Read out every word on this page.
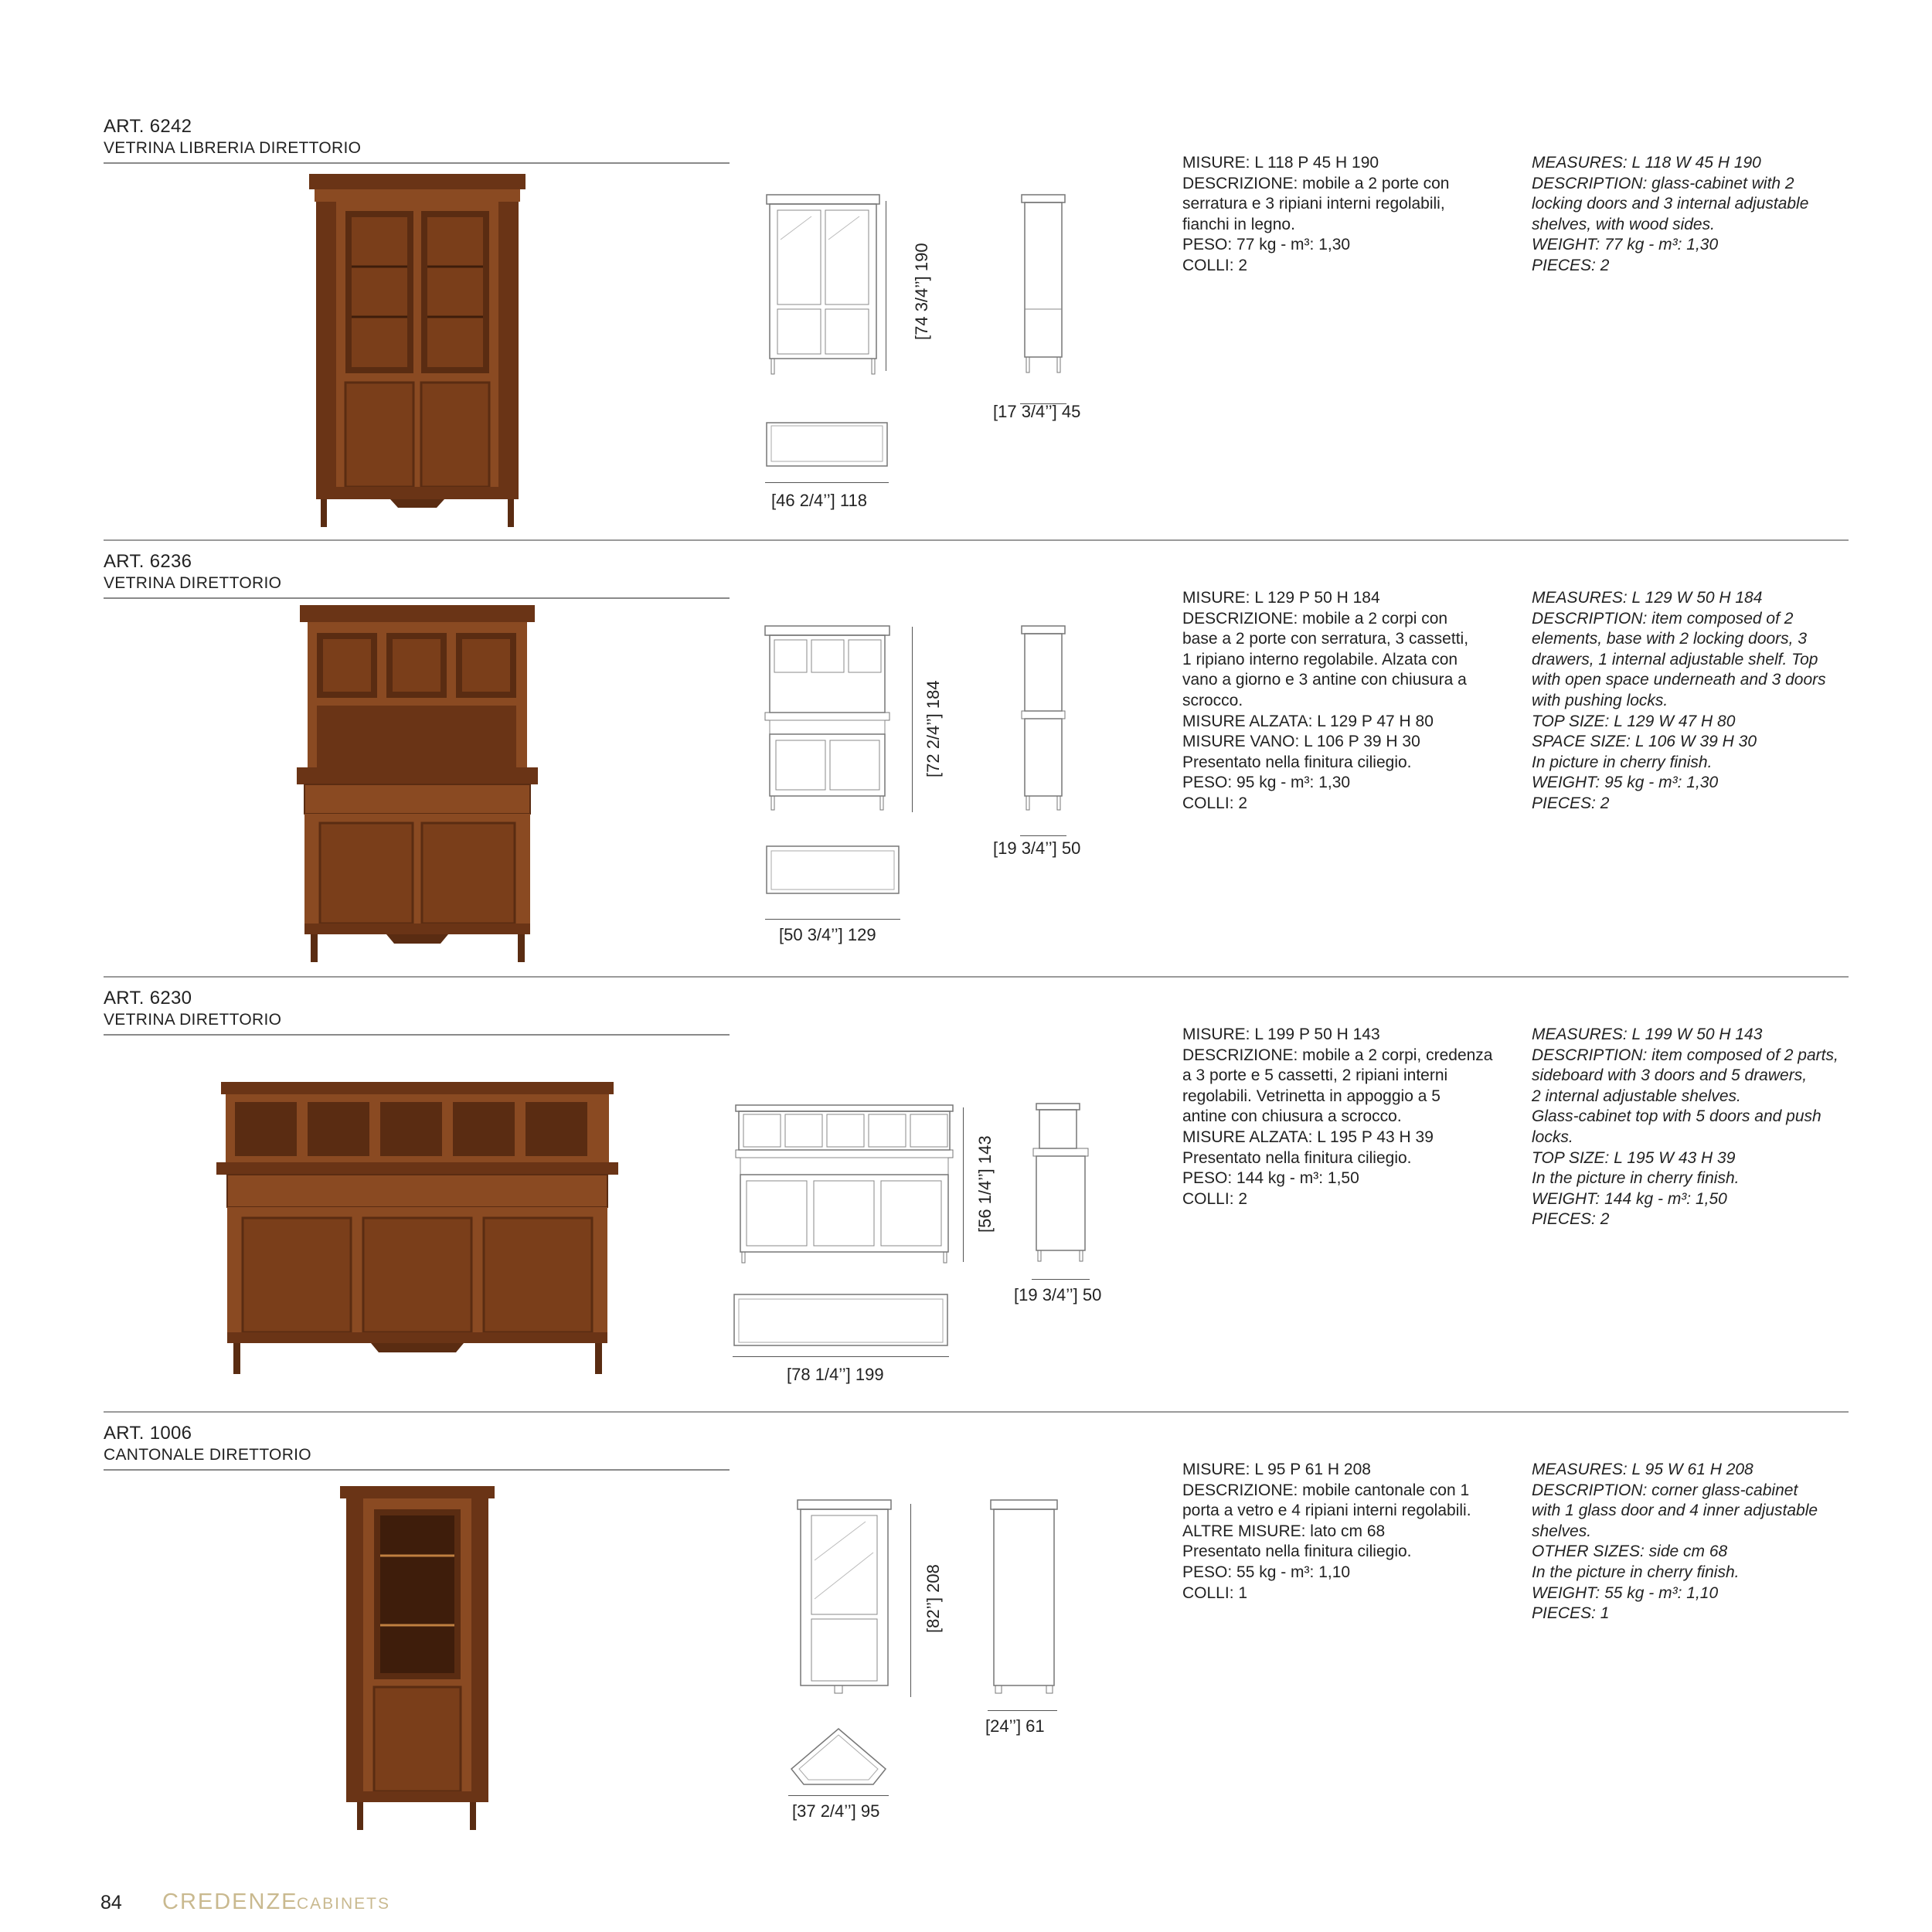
ART. 6242
VETRINA LIBRERIA DIRETTORIO
[74 3/4’’] 190
[17 3/4’’] 45
[46 2/4’’] 118
MISURE: L 118 P 45 H 190
DESCRIZIONE: mobile a 2 porte con
serratura e 3 ripiani interni regolabili,
fianchi in legno.
PESO: 77 kg - m³: 1,30
COLLI: 2
MEASURES: L 118 W 45 H 190
DESCRIPTION: glass-cabinet with 2
locking doors and 3 internal adjustable
shelves, with wood sides.
WEIGHT: 77 kg - m³: 1,30
PIECES: 2
ART. 6236
VETRINA DIRETTORIO
[72 2/4’’] 184
[19 3/4’’] 50
[50 3/4’’] 129
MISURE: L 129 P 50 H 184
DESCRIZIONE: mobile a 2 corpi con
base a 2 porte con serratura, 3 cassetti,
1 ripiano interno regolabile. Alzata con
vano a giorno e 3 antine con chiusura a
scrocco.
MISURE ALZATA: L 129 P 47 H 80
MISURE VANO: L 106 P 39 H 30
Presentato nella finitura ciliegio.
PESO: 95 kg - m³: 1,30
COLLI: 2
MEASURES: L 129 W 50 H 184
DESCRIPTION: item composed of 2
elements, base with 2 locking doors, 3
drawers, 1 internal adjustable shelf. Top
with open space underneath and 3 doors
with pushing locks.
TOP SIZE: L 129 W 47 H 80
SPACE SIZE: L 106 W 39 H 30
In picture in cherry finish.
WEIGHT: 95 kg - m³: 1,30
PIECES: 2
ART. 6230
VETRINA DIRETTORIO
[56 1/4’’] 143
[19 3/4’’] 50
[78 1/4’’] 199
MISURE: L 199 P 50 H 143
DESCRIZIONE: mobile a 2 corpi, credenza
a 3 porte e 5 cassetti, 2 ripiani interni
regolabili. Vetrinetta in appoggio a 5
antine con chiusura a scrocco.
MISURE ALZATA: L 195 P 43 H 39
Presentato nella finitura ciliegio.
PESO: 144 kg - m³: 1,50
COLLI: 2
MEASURES: L 199 W 50 H 143
DESCRIPTION: item composed of 2 parts,
sideboard with 3 doors and 5 drawers,
2 internal adjustable shelves.
Glass-cabinet top with 5 doors and push
locks.
TOP SIZE: L 195 W 43 H 39
In the picture in cherry finish.
WEIGHT: 144 kg - m³: 1,50
PIECES: 2
ART. 1006
CANTONALE DIRETTORIO
[82’’] 208
[24’’] 61
[37 2/4’’] 95
MISURE: L 95 P 61 H 208
DESCRIZIONE: mobile cantonale con 1
porta a vetro e 4 ripiani interni regolabili.
ALTRE MISURE: lato cm 68
Presentato nella finitura ciliegio.
PESO: 55 kg - m³: 1,10
COLLI: 1
MEASURES: L 95 W 61 H 208
DESCRIPTION: corner glass-cabinet
with 1 glass door and 4 inner adjustable
shelves.
OTHER SIZES: side cm 68
In the picture in cherry finish.
WEIGHT: 55 kg - m³: 1,10
PIECES: 1
84 CREDENZE
CABINETS
